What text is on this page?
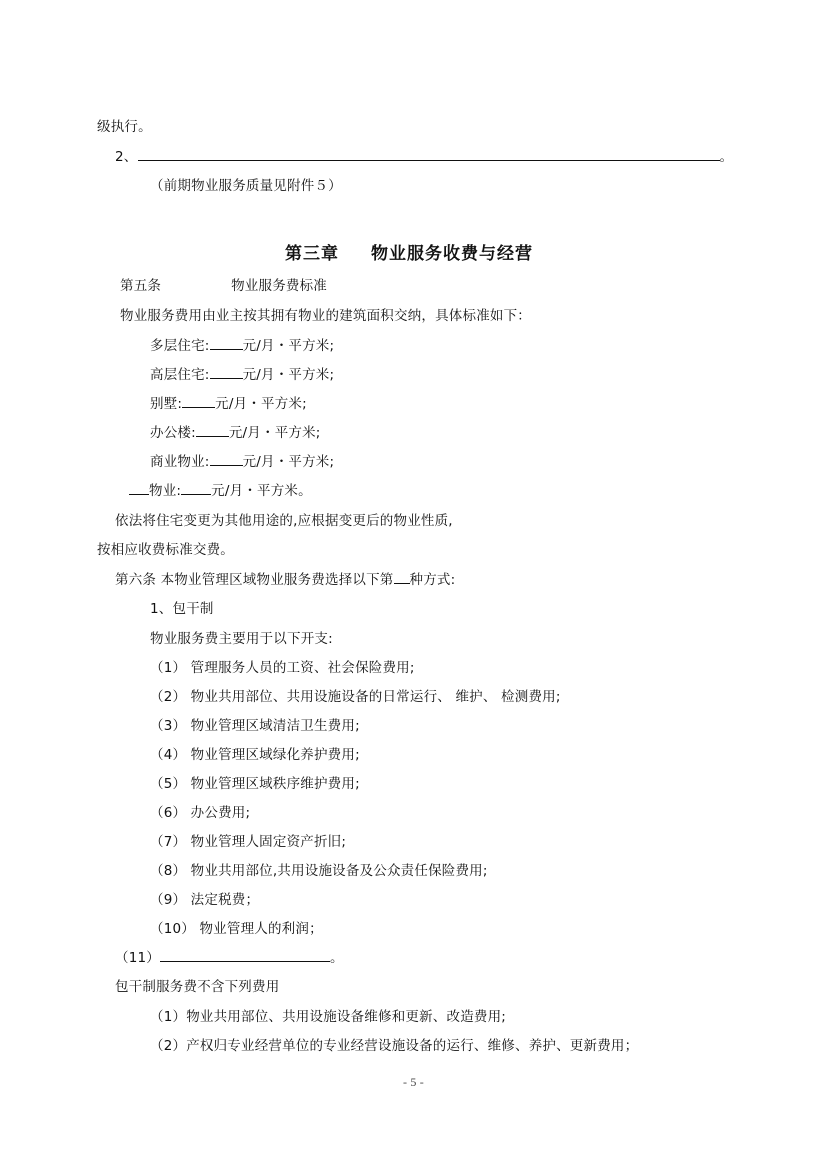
级执行。
2、	。
（前期物业服务质量见附件５）
第三章 物业服务收费与经营
第五条	物业服务费标准
物业服务费用由业主按其拥有物业的建筑面积交纳，具体标准如下：
多层住宅: 元/月・平方米;
高层住宅: 元/月・平方米;
别墅: 元/月・平方米;
办公楼: 元/月・平方米;
商业物业: 元/月・平方米;
物业: 元/月・平方米。
依法将住宅变更为其他用途的,应根据变更后的物业性质,
按相应收费标准交费。
第六条 本物业管理区域物业服务费选择以下第 种方式:
1、包干制
物业服务费主要用于以下开支:
（1） 管理服务人员的工资、社会保险费用;
（2） 物业共用部位、共用设施设备的日常运行、 维护、 检测费用;
（3） 物业管理区域清洁卫生费用;
（4） 物业管理区域绿化养护费用;
（5） 物业管理区域秩序维护费用;
（6） 办公费用;
（7） 物业管理人固定资产折旧;
（8） 物业共用部位,共用设施设备及公众责任保险费用;
（9） 法定税费；
（10） 物业管理人的利润；
（11）	。
包干制服务费不含下列费用
（1）物业共用部位、共用设施设备维修和更新、改造费用;
（2）产权归专业经营单位的专业经营设施设备的运行、维修、养护、更新费用；
- 5 -
